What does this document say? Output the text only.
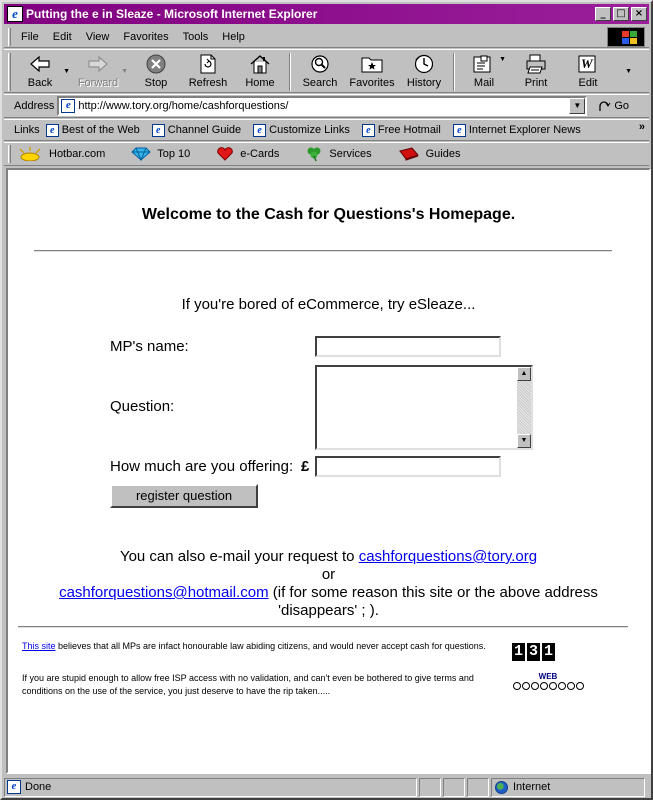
e Putting the e in Sleaze - Microsoft Internet Explorer	_	□ ×
File	Edit	View	Favorites	Tools	Help
Back
▼
Forward
▼
Stop Refresh Home	Search Favorites History	Mail
▼
Print
W
Edit
▼
Address	e http://www.tory.org/home/cashforquestions/	▼	Go
Links	e Best of the Web	e Channel Guide	e Customize Links	e Free Hotmail	e Internet Explorer News	»
Hotbar.com	Top 10	e-Cards	Services	Guides
Welcome to the Cash for Questions's Homepage.
If you're bored of eCommerce, try eSleaze...
MP's name:
Question:
▲
▼
How much are you offering: £
register question
You can also e-mail your request to cashforquestions@tory.org
or
cashforquestions@hotmail.com (if for some reason this site or the above address
'disappears' ; ).
This site believes that all MPs are infact honourable law abiding citizens, and would never accept cash for questions.
If you are stupid enough to allow free ISP access with no validation, and can't even be bothered to give terms and conditions on the use of the service, you just deserve to have the rip taken.....
1 3 1
WEB
e Done	Internet
